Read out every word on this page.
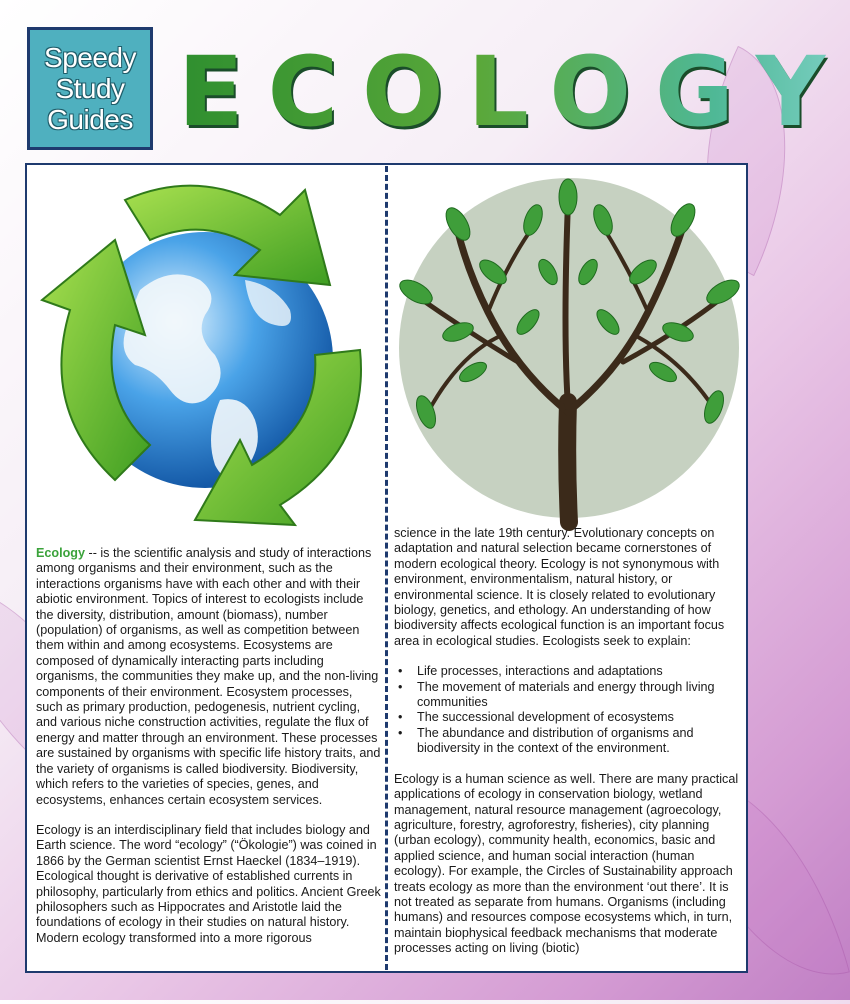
Speedy
Study
Guides ECOLOGY

Ecology -- is the scientific analysis and study of interactions among organisms and their environment, such as the interactions organisms have with each other and with their abiotic environment. Topics of interest to ecologists include the diversity, distribution, amount (biomass), number (population) of organisms, as well as competition between them within and among ecosystems. Ecosystems are composed of dynamically interacting parts including organisms, the communities they make up, and the non-living components of their environment. Ecosystem processes, such as primary production, pedogenesis, nutrient cycling, and various niche construction activities, regulate the flux of energy and matter through an environment. These processes are sustained by organisms with specific life history traits, and the variety of organisms is called biodiversity. Biodiversity, which refers to the varieties of species, genes, and ecosystems, enhances certain ecosystem services.

Ecology is an interdisciplinary field that includes biology and Earth science. The word “ecology” (“Ökologie”) was coined in 1866 by the German scientist Ernst Haeckel (1834–1919). Ecological thought is derivative of established currents in philosophy, particularly from ethics and politics. Ancient Greek philosophers such as Hippocrates and Aristotle laid the foundations of ecology in their studies on natural history. Modern ecology transformed into a more rigorous

science in the late 19th century. Evolutionary concepts on adaptation and natural selection became cornerstones of modern ecological theory. Ecology is not synonymous with environment, environmentalism, natural history, or environmental science. It is closely related to evolutionary biology, genetics, and ethology. An understanding of how biodiversity affects ecological function is an important focus area in ecological studies. Ecologists seek to explain:

• Life processes, interactions and adaptations
• The movement of materials and energy through living communities
• The successional development of ecosystems
• The abundance and distribution of organisms and biodiversity in the context of the environment.

Ecology is a human science as well. There are many practical applications of ecology in conservation biology, wetland management, natural resource management (agroecology, agriculture, forestry, agroforestry, fisheries), city planning (urban ecology), community health, economics, basic and applied science, and human social interaction (human ecology). For example, the Circles of Sustainability approach treats ecology as more than the environment ‘out there’. It is not treated as separate from humans. Organisms (including humans) and resources compose ecosystems which, in turn, maintain biophysical feedback mechanisms that moderate processes acting on living (biotic)
